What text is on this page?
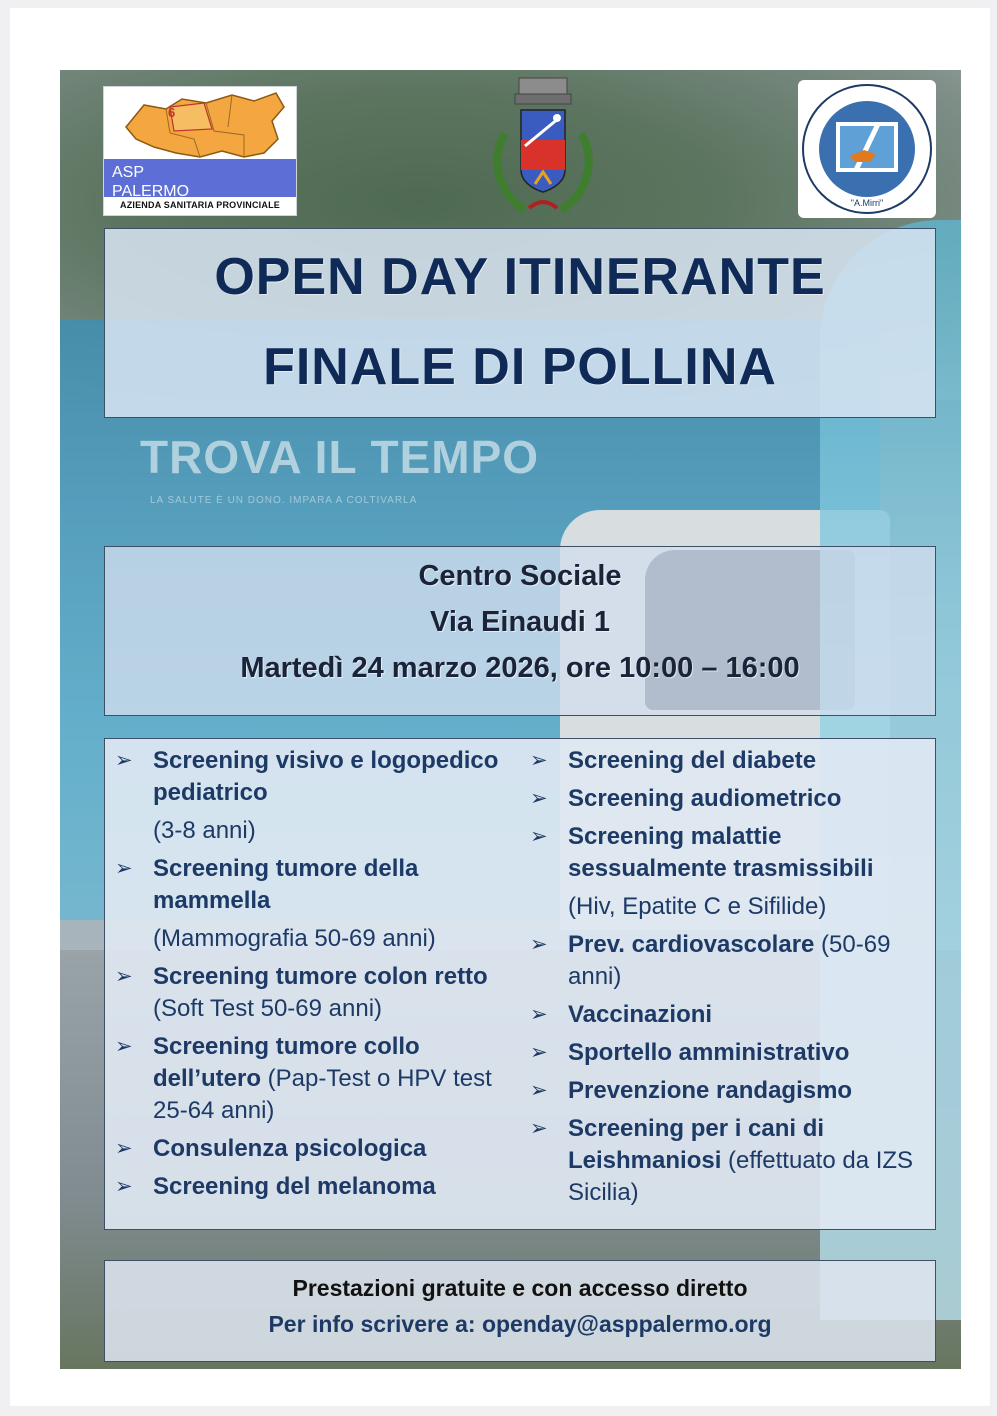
TROVA IL TEMPO
LA SALUTE È UN DONO. IMPARA A COLTIVARLA
6
ASP
PALERMO
AZIENDA SANITARIA PROVINCIALE	"A.Mirri"
OPEN DAY ITINERANTE
FINALE DI POLLINA
Centro Sociale
Via Einaudi 1
Martedì 24 marzo 2026, ore 10:00 – 16:00
➢ Screening visivo e logopedico pediatrico
(3-8 anni)
➢ Screening tumore della mammella
(Mammografia 50-69 anni)
➢ Screening tumore colon retto (Soft Test 50-69 anni)
➢ Screening tumore collo dell’utero (Pap-Test o HPV test 25-64 anni)
➢ Consulenza psicologica
➢ Screening del melanoma
➢ Screening del diabete
➢ Screening audiometrico
➢ Screening malattie sessualmente trasmissibili
(Hiv, Epatite C e Sifilide)
➢ Prev. cardiovascolare (50-69 anni)
➢ Vaccinazioni
➢ Sportello amministrativo
➢ Prevenzione randagismo
➢ Screening per i cani di Leishmaniosi (effettuato da IZS Sicilia)
Prestazioni gratuite e con accesso diretto
Per info scrivere a: openday@asppalermo.org
